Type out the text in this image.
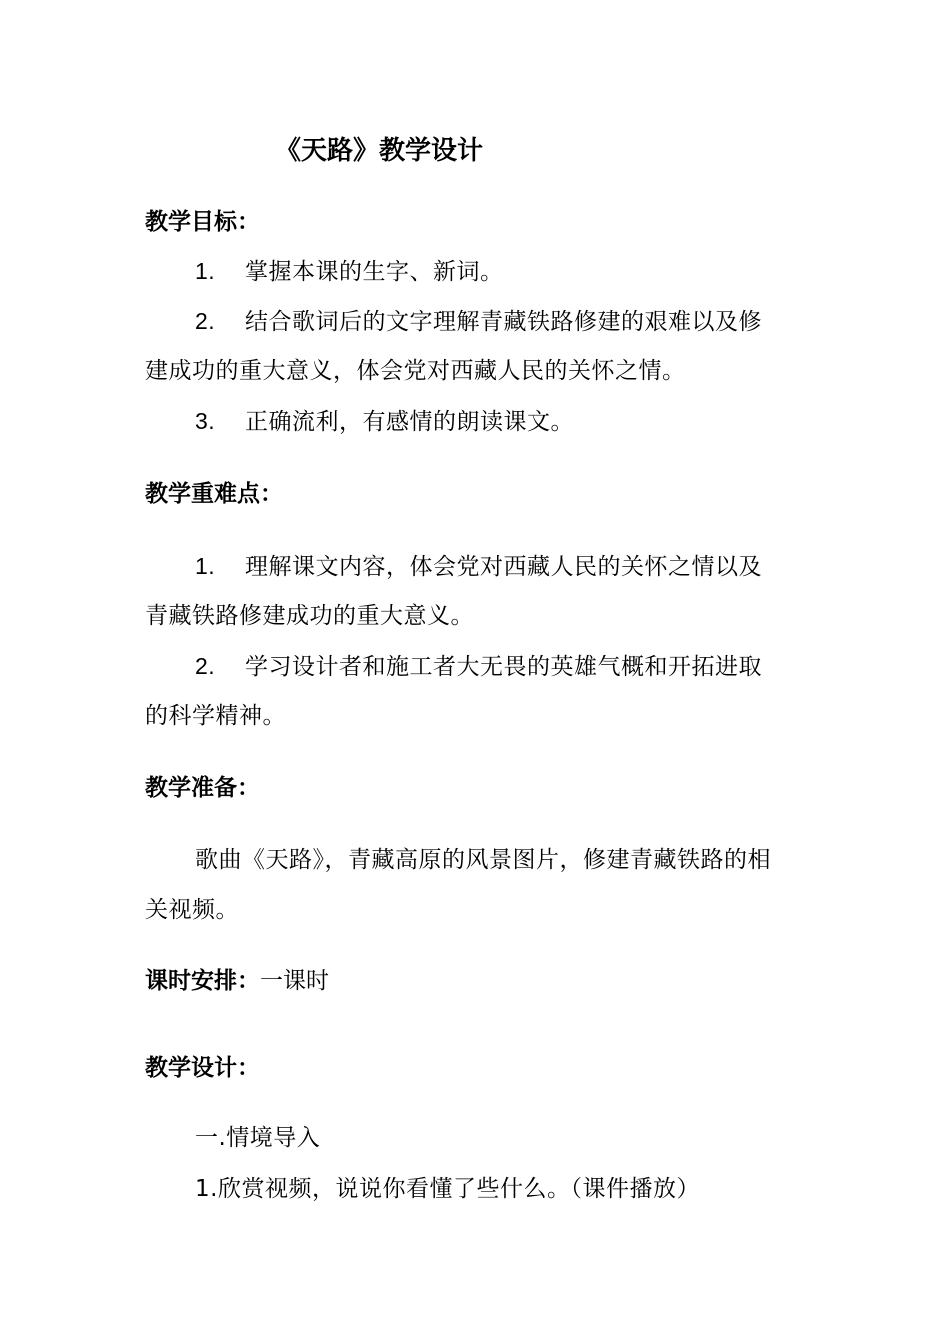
《天路》教学设计
教学目标：
1. 掌握本课的生字、新词。
2. 结合歌词后的文字理解青藏铁路修建的艰难以及修
建成功的重大意义，体会党对西藏人民的关怀之情。
3. 正确流利，有感情的朗读课文。
教学重难点：
1. 理解课文内容，体会党对西藏人民的关怀之情以及
青藏铁路修建成功的重大意义。
2. 学习设计者和施工者大无畏的英雄气概和开拓进取
的科学精神。
教学准备：
歌曲《天路》，青藏高原的风景图片，修建青藏铁路的相
关视频。
课时安排：一课时
教学设计：
一.情境导入
1.欣赏视频，说说你看懂了些什么。（课件播放）
